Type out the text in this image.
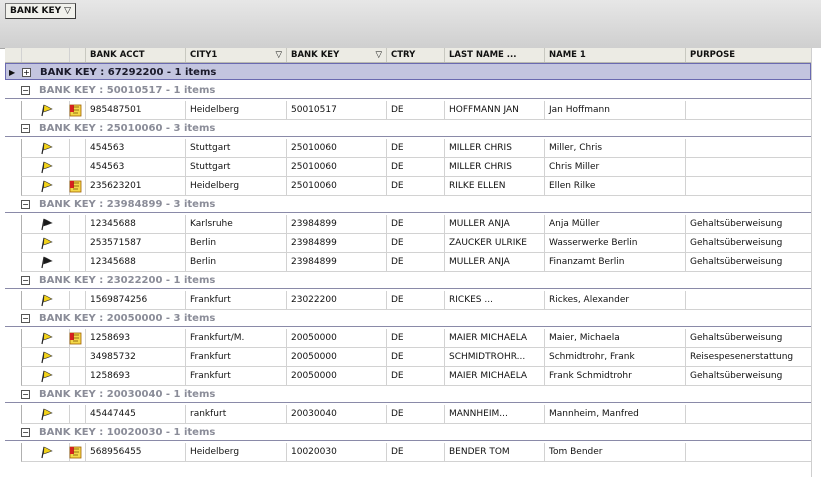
BANK KEY ▽
BANK ACCT	CITY1	▽	BANK KEY	▽	CTRY	LAST NAME ...	NAME 1	PURPOSE
▶ + BANK KEY : 67292200 - 1 items
− BANK KEY : 50010517 - 1 items
985487501	Heidelberg	50010517	DE	HOFFMANN JAN	Jan Hoffmann
− BANK KEY : 25010060 - 3 items
454563	Stuttgart	25010060	DE	MILLER CHRIS	Miller, Chris
454563	Stuttgart	25010060	DE	MILLER CHRIS	Chris Miller
235623201	Heidelberg	25010060	DE	RILKE ELLEN	Ellen Rilke
− BANK KEY : 23984899 - 3 items
12345688	Karlsruhe	23984899	DE	MULLER ANJA	Anja Müller	Gehaltsüberweisung
253571587	Berlin	23984899	DE	ZAUCKER ULRIKE	Wasserwerke Berlin	Gehaltsüberweisung
12345688	Berlin	23984899	DE	MULLER ANJA	Finanzamt Berlin	Gehaltsüberweisung
− BANK KEY : 23022200 - 1 items
1569874256	Frankfurt	23022200	DE	RICKES ...	Rickes, Alexander
− BANK KEY : 20050000 - 3 items
1258693	Frankfurt/M.	20050000	DE	MAIER MICHAELA	Maier, Michaela	Gehaltsüberweisung
34985732	Frankfurt	20050000	DE	SCHMIDTROHR...	Schmidtrohr, Frank	Reisespesenerstattung
1258693	Frankfurt	20050000	DE	MAIER MICHAELA	Frank Schmidtrohr	Gehaltsüberweisung
− BANK KEY : 20030040 - 1 items
45447445	rankfurt	20030040	DE	MANNHEIM...	Mannheim, Manfred
− BANK KEY : 10020030 - 1 items
568956455	Heidelberg	10020030	DE	BENDER TOM	Tom Bender
